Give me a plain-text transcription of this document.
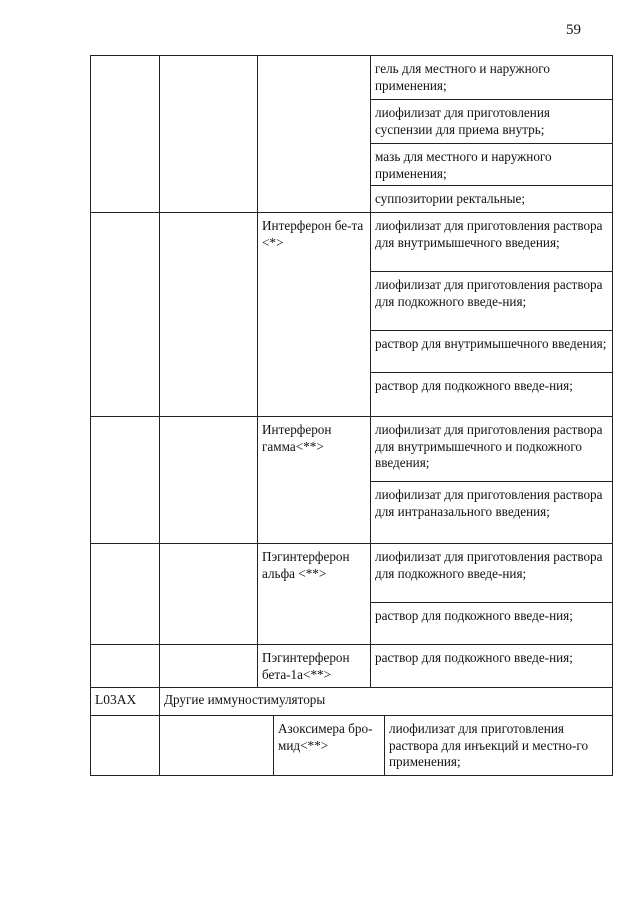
59
				гель для местного и наружного применения;	
				лиофилизат для приготовления суспензии для приема внутрь;	
				мазь для местного и наружного применения;	
				суппозитории ректальные;	
		Интерферон бе-та <*>		лиофилизат для приготовления раствора для внутримышечного введения;	
				лиофилизат для приготовления раствора для подкожного введе-ния;	
				раствор для внутримышечного введения;	
				раствор для подкожного введе-ния;	
		Интерферон гамма<**>		лиофилизат для приготовления раствора для внутримышечного и подкожного введения;	
				лиофилизат для приготовления раствора для интраназального введения;	
		Пэгинтерферон альфа <**>		лиофилизат для приготовления раствора для подкожного введе-ния;	
				раствор для подкожного введе-ния;	
		Пэгинтерферон бета-1а<**>		раствор для подкожного введе-ния;	
L03AX	Другие иммуностимуляторы				
			Азоксимера бро-мид<**>		лиофилизат для приготовления раствора для инъекций и местно-го применения;
